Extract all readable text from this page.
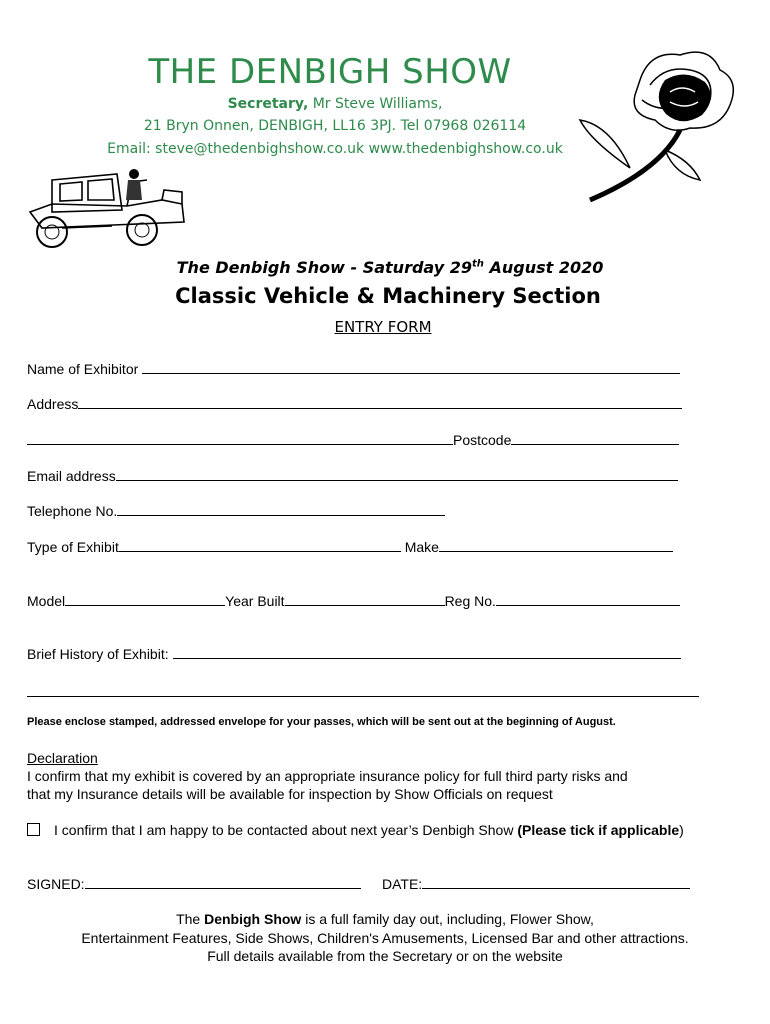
THE DENBIGH SHOW
Secretary, Mr Steve Williams,
21 Bryn Onnen, DENBIGH, LL16 3PJ. Tel 07968 026114
Email: steve@thedenbighshow.co.uk www.thedenbighshow.co.uk
The Denbigh Show - Saturday 29th August 2020
Classic Vehicle & Machinery Section
ENTRY FORM
Name of Exhibitor
Address
Postcode
Email address
Telephone No.
Type of Exhibit	Make
Model	Year Built	Reg No.
Brief History of Exhibit:
Please enclose stamped, addressed envelope for your passes, which will be sent out at the beginning of August.
Declaration
I confirm that my exhibit is covered by an appropriate insurance policy for full third party risks and
that my Insurance details will be available for inspection by Show Officials on request
I confirm that I am happy to be contacted about next year’s Denbigh Show (Please tick if applicable)
SIGNED:	DATE:
The Denbigh Show is a full family day out, including, Flower Show,
Entertainment Features, Side Shows, Children's Amusements, Licensed Bar and other attractions.
Full details available from the Secretary or on the website
